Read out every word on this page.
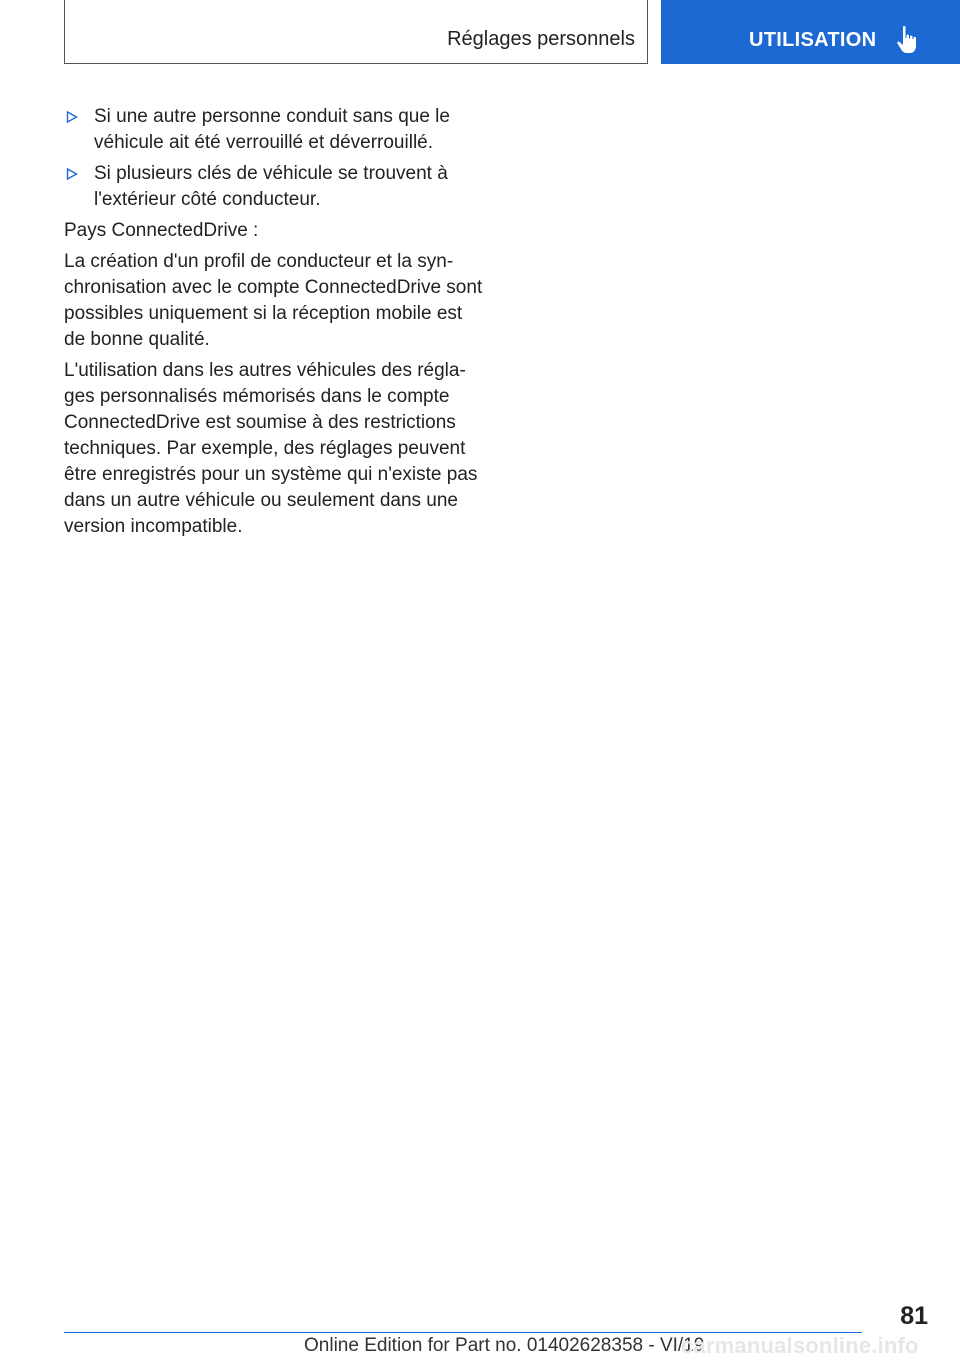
Réglages personnels	UTILISATION
Si une autre personne conduit sans que le véhicule ait été verrouillé et déverrouillé.
Si plusieurs clés de véhicule se trouvent à l'extérieur côté conducteur.

Pays ConnectedDrive :

La création d'un profil de conducteur et la synchronisation avec le compte ConnectedDrive sont possibles uniquement si la réception mobile est de bonne qualité.

L'utilisation dans les autres véhicules des réglages personnalisés mémorisés dans le compte ConnectedDrive est soumise à des restrictions techniques. Par exemple, des réglages peuvent être enregistrés pour un système qui n'existe pas dans un autre véhicule ou seulement dans une version incompatible.

81
Online Edition for Part no. 01402628358 - VI/19
carmanualsonline.info
